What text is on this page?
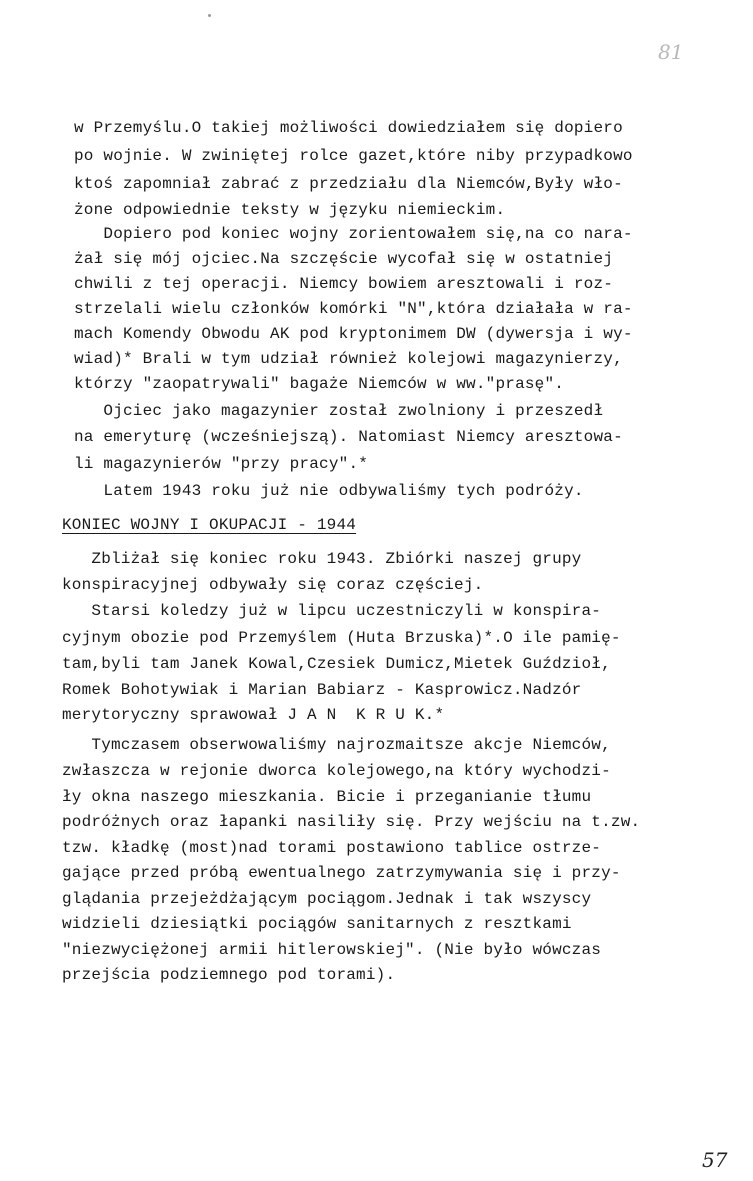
81
w Przemyślu.O takiej możliwości dowiedziałem się dopiero
po wojnie. W zwiniętej rolce gazet,które niby przypadkowo
ktoś zapomniał zabrać z przedziału dla Niemców,Były wło-
żone odpowiednie teksty w języku niemieckim.
Dopiero pod koniec wojny zorientowałem się,na co nara-
żał się mój ojciec.Na szczęście wycofał się w ostatniej
chwili z tej operacji. Niemcy bowiem aresztowali i roz-
strzelali wielu członków komórki "N",która działała w ra-
mach Komendy Obwodu AK pod kryptonimem DW (dywersja i wy-
wiad)* Brali w tym udział również kolejowi magazynierzy,
którzy "zaopatrywali" bagaże Niemców w ww."prasę".
Ojciec jako magazynier został zwolniony i przeszedł
na emeryturę (wcześniejszą). Natomiast Niemcy aresztowa-
li magazynierów "przy pracy".*
Latem 1943 roku już nie odbywaliśmy tych podróży.
KONIEC WOJNY I OKUPACJI - 1944
Zbliżał się koniec roku 1943. Zbiórki naszej grupy
konspiracyjnej odbywały się coraz częściej.
Starsi koledzy już w lipcu uczestniczyli w konspira-
cyjnym obozie pod Przemyślem (Huta Brzuska)*.O ile pamię-
tam,byli tam Janek Kowal,Czesiek Dumicz,Mietek Guździoł,
Romek Bohotywiak i Marian Babiarz - Kasprowicz.Nadzór
merytoryczny sprawował J A N  K R U K.*
Tymczasem obserwowaliśmy najrozmaitsze akcje Niemców,
zwłaszcza w rejonie dworca kolejowego,na który wychodzi-
ły okna naszego mieszkania. Bicie i przeganianie tłumu
podróżnych oraz łapanki nasiliły się. Przy wejściu na t.zw.
tzw. kładkę (most)nad torami postawiono tablice ostrze-
gające przed próbą ewentualnego zatrzymywania się i przy-
glądania przejeżdżającym pociągom.Jednak i tak wszyscy
widzieli dziesiątki pociągów sanitarnych z resztkami
"niezwyciężonej armii hitlerowskiej". (Nie było wówczas
przejścia podziemnego pod torami).
57
